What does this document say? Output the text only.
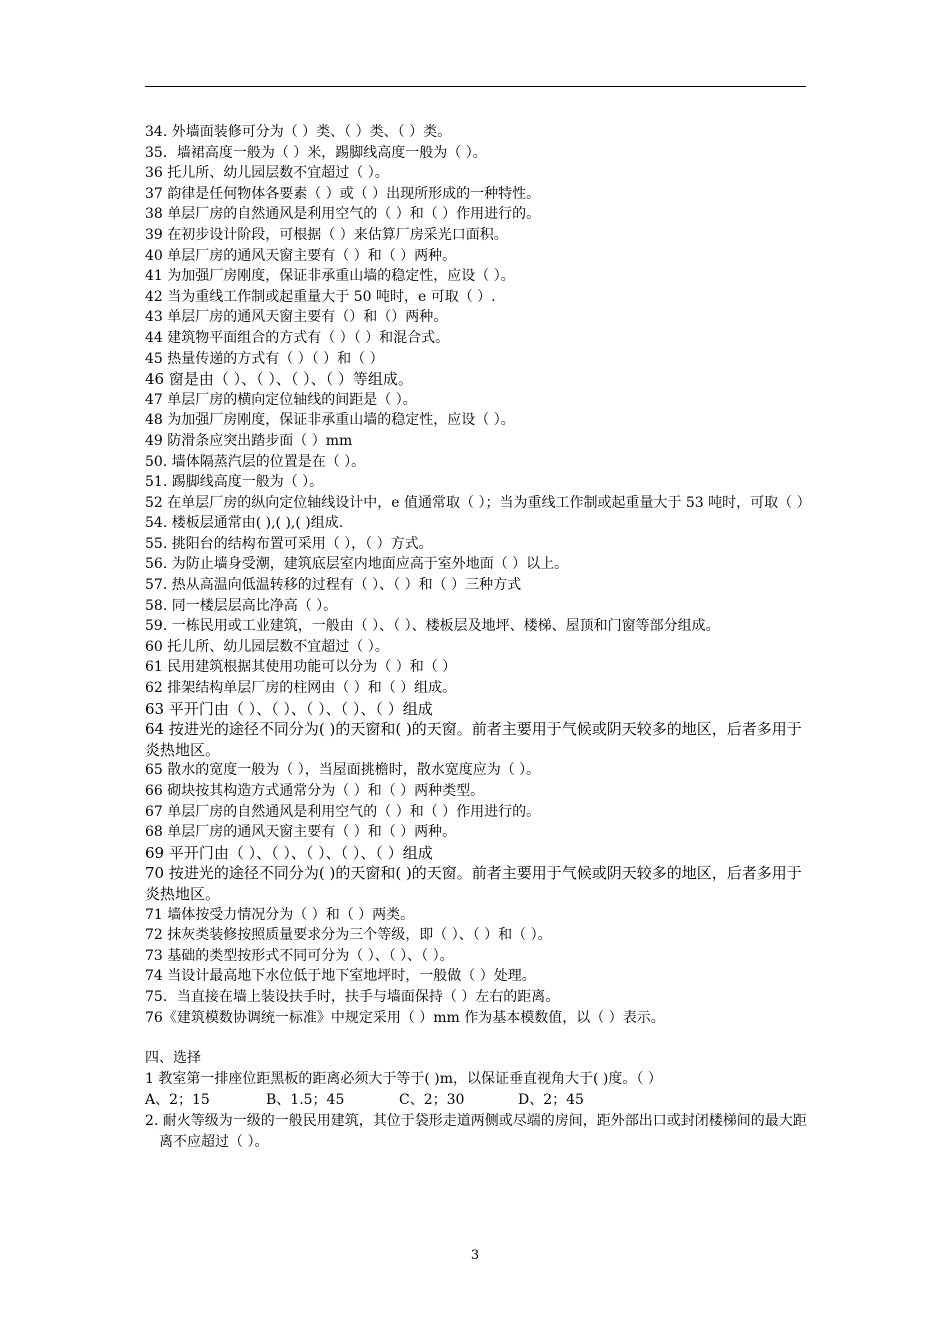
34. 外墙面装修可分为（ ）类、（ ）类、（ ）类。
35．墙裙高度一般为（ ）米，踢脚线高度一般为（ ）。
36 托儿所、幼儿园层数不宜超过（ ）。
37 韵律是任何物体各要素（ ）或（ ）出现所形成的一种特性。
38 单层厂房的自然通风是利用空气的（ ）和（ ）作用进行的。
39 在初步设计阶段，可根据（ ）来估算厂房采光口面积。
40 单层厂房的通风天窗主要有（ ）和（ ）两种。
41 为加强厂房刚度，保证非承重山墙的稳定性，应设（ ）。
42 当为重线工作制或起重量大于 50 吨时，e 可取（ ）.
43 单层厂房的通风天窗主要有（）和（）两种。
44 建筑物平面组合的方式有（ ）（ ）和混合式。
45 热量传递的方式有（ ）（ ）和（ ）
46 窗是由（ ）、（ ）、（ ）、（ ）等组成。
47 单层厂房的横向定位轴线的间距是（ ）。
48 为加强厂房刚度，保证非承重山墙的稳定性，应设（ ）。
49 防滑条应突出踏步面（ ）mm
50. 墙体隔蒸汽层的位置是在（ ）。
51. 踢脚线高度一般为（ ）。
52 在单层厂房的纵向定位轴线设计中，e 值通常取（ ）；当为重线工作制或起重量大于 53 吨时，可取（ ）
54. 楼板层通常由( ),( ),( )组成.
55. 挑阳台的结构布置可采用（ ），（ ）方式。
56. 为防止墙身受潮，建筑底层室内地面应高于室外地面（ ）以上。
57. 热从高温向低温转移的过程有（ ）、（ ）和（ ）三种方式
58. 同一楼层层高比净高（ ）。
59. 一栋民用或工业建筑，一般由（ ）、（ ）、楼板层及地坪、楼梯、屋顶和门窗等部分组成。
60 托儿所、幼儿园层数不宜超过（ ）。
61 民用建筑根据其使用功能可以分为（ ）和（ ）
62 排架结构单层厂房的柱网由（ ）和（ ）组成。
63 平开门由（ ）、（ ）、（ ）、（ ）、（ ）组成
64 按进光的途径不同分为( )的天窗和( )的天窗。前者主要用于气候或阴天较多的地区，后者多用于炎热地区。
65 散水的宽度一般为（ ），当屋面挑檐时，散水宽度应为（ ）。
66 砌块按其构造方式通常分为（ ）和（ ）两种类型。
67 单层厂房的自然通风是利用空气的（ ）和（ ）作用进行的。
68 单层厂房的通风天窗主要有（ ）和（ ）两种。
69 平开门由（ ）、（ ）、（ ）、（ ）、（ ）组成
70 按进光的途径不同分为( )的天窗和( )的天窗。前者主要用于气候或阴天较多的地区，后者多用于炎热地区。
71 墙体按受力情况分为（ ）和（ ）两类。
72 抹灰类装修按照质量要求分为三个等级，即（ ）、（ ）和（ ）。
73 基础的类型按形式不同可分为（ ）、（ ）、（ ）。
74 当设计最高地下水位低于地下室地坪时，一般做（ ）处理。
75．当直接在墙上装设扶手时，扶手与墙面保持（ ）左右的距离。
76《建筑模数协调统一标准》中规定采用（ ）mm 作为基本模数值，以（ ）表示。
四、选择
1 教室第一排座位距黑板的距离必须大于等于( )m，以保证垂直视角大于( )度。（ ）
A、2；15	B、1.5；45	C、2；30	D、2；45
2. 耐火等级为一级的一般民用建筑，其位于袋形走道两侧或尽端的房间，距外部出口或封闭楼梯间的最大距离不应超过（ ）。
3
